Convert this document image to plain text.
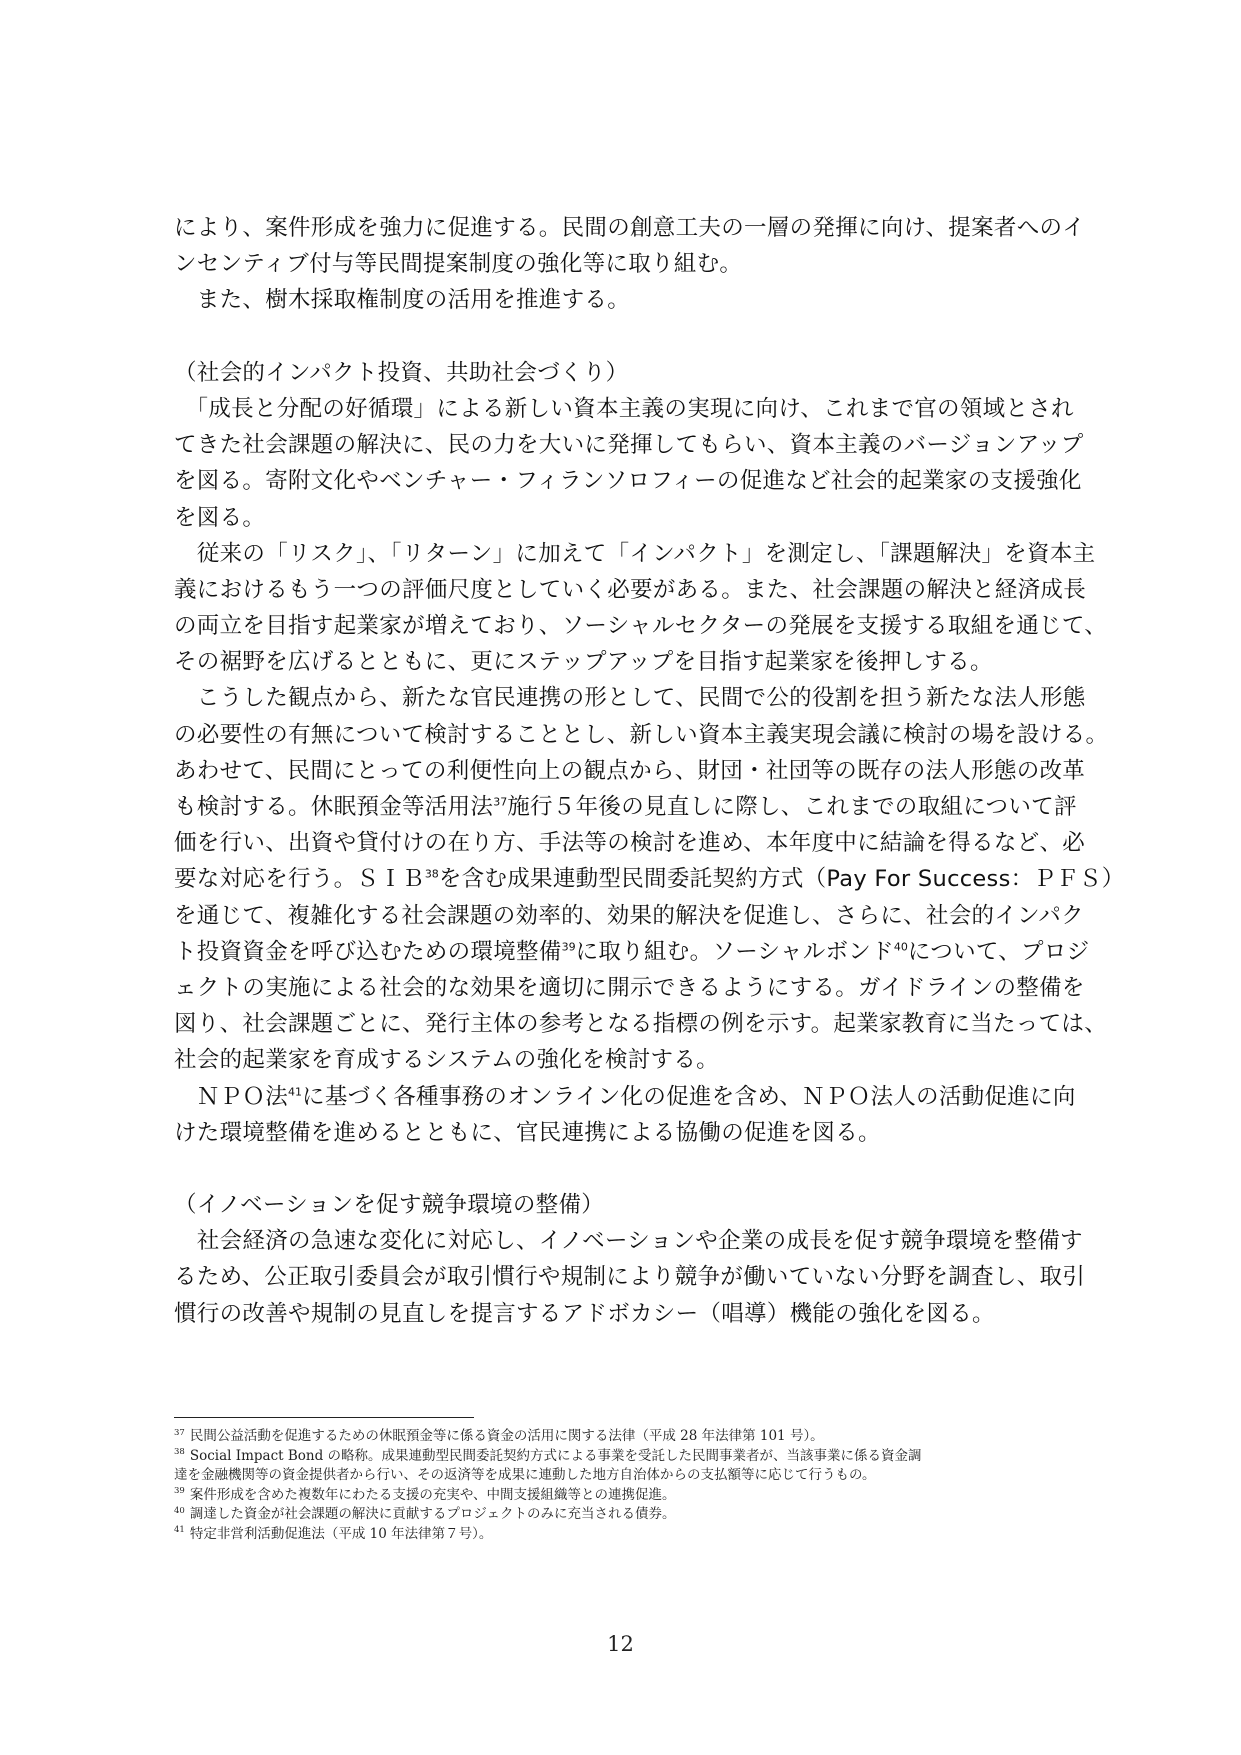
により、案件形成を強力に促進する。民間の創意工夫の一層の発揮に向け、提案者へのイ
ンセンティブ付与等民間提案制度の強化等に取り組む。
　また、樹木採取権制度の活用を推進する。
（社会的インパクト投資、共助社会づくり）
　「成長と分配の好循環」による新しい資本主義の実現に向け、これまで官の領域とされ
てきた社会課題の解決に、民の力を大いに発揮してもらい、資本主義のバージョンアップ
を図る。寄附文化やベンチャー・フィランソロフィーの促進など社会的起業家の支援強化
を図る。
　従来の「リスク」、「リターン」に加えて「インパクト」を測定し、「課題解決」を資本主
義におけるもう一つの評価尺度としていく必要がある。また、社会課題の解決と経済成長
の両立を目指す起業家が増えており、ソーシャルセクターの発展を支援する取組を通じて、
その裾野を広げるとともに、更にステップアップを目指す起業家を後押しする。
　こうした観点から、新たな官民連携の形として、民間で公的役割を担う新たな法人形態
の必要性の有無について検討することとし、新しい資本主義実現会議に検討の場を設ける。
あわせて、民間にとっての利便性向上の観点から、財団・社団等の既存の法人形態の改革
も検討する。休眠預金等活用法$^{37}$施行５年後の見直しに際し、これまでの取組について評
価を行い、出資や貸付けの在り方、手法等の検討を進め、本年度中に結論を得るなど、必
要な対応を行う。ＳＩＢ$^{38}$を含む成果連動型民間委託契約方式（Pay For Success：ＰＦＳ）
を通じて、複雑化する社会課題の効率的、効果的解決を促進し、さらに、社会的インパク
ト投資資金を呼び込むための環境整備$^{39}$に取り組む。ソーシャルボンド$^{40}$について、プロジ
ェクトの実施による社会的な効果を適切に開示できるようにする。ガイドラインの整備を
図り、社会課題ごとに、発行主体の参考となる指標の例を示す。起業家教育に当たっては、
社会的起業家を育成するシステムの強化を検討する。
　ＮＰＯ法$^{41}$に基づく各種事務のオンライン化の促進を含め、ＮＰＯ法人の活動促進に向
けた環境整備を進めるとともに、官民連携による協働の促進を図る。
（イノベーションを促す競争環境の整備）
　社会経済の急速な変化に対応し、イノベーションや企業の成長を促す競争環境を整備す
るため、公正取引委員会が取引慣行や規制により競争が働いていない分野を調査し、取引
慣行の改善や規制の見直しを提言するアドボカシー（唱導）機能の強化を図る。
$^{37}$ 民間公益活動を促進するための休眠預金等に係る資金の活用に関する法律（平成 28 年法律第 101 号）。
$^{38}$ Social Impact Bond の略称。成果連動型民間委託契約方式による事業を受託した民間事業者が、当該事業に係る資金調
達を金融機関等の資金提供者から行い、その返済等を成果に連動した地方自治体からの支払額等に応じて行うもの。
$^{39}$ 案件形成を含めた複数年にわたる支援の充実や、中間支援組織等との連携促進。
$^{40}$ 調達した資金が社会課題の解決に貢献するプロジェクトのみに充当される債券。
$^{41}$ 特定非営利活動促進法（平成 10 年法律第７号）。
12
